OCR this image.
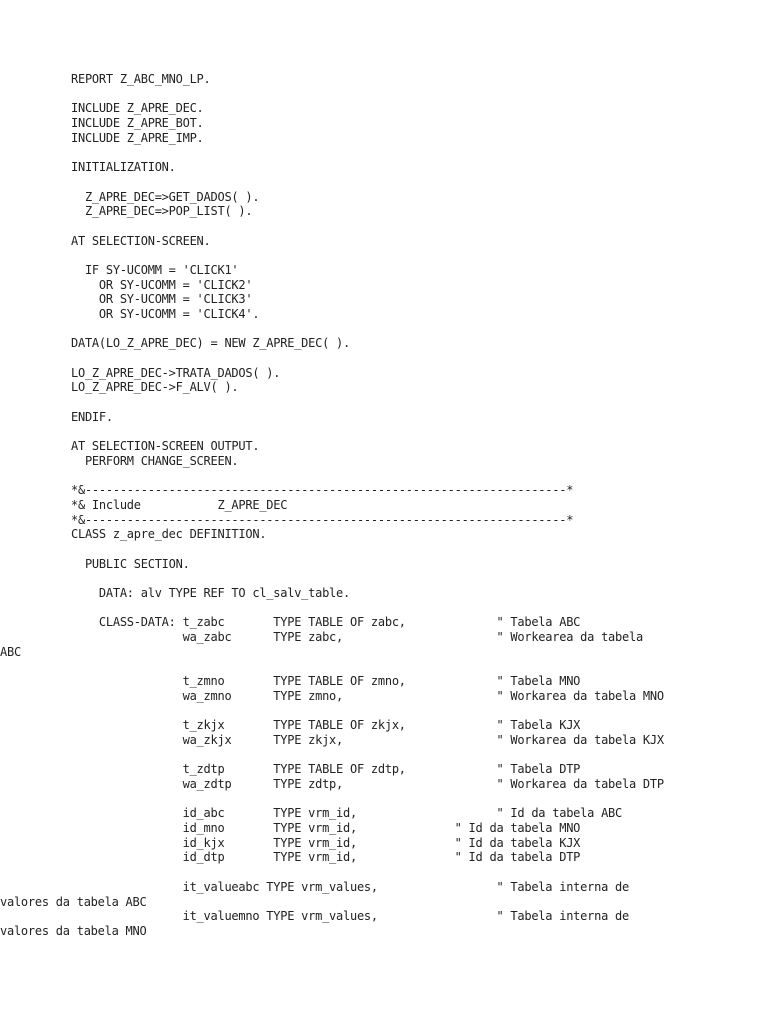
REPORT Z_ABC_MNO_LP.
INCLUDE Z_APRE_DEC.
INCLUDE Z_APRE_BOT.
INCLUDE Z_APRE_IMP.
INITIALIZATION.
Z_APRE_DEC=>GET_DADOS( ).
Z_APRE_DEC=>POP_LIST( ).
AT SELECTION-SCREEN.
IF SY-UCOMM = 'CLICK1'
OR SY-UCOMM = 'CLICK2'
OR SY-UCOMM = 'CLICK3'
OR SY-UCOMM = 'CLICK4'.
DATA(LO_Z_APRE_DEC) = NEW Z_APRE_DEC( ).
LO_Z_APRE_DEC->TRATA_DADOS( ).
LO_Z_APRE_DEC->F_ALV( ).
ENDIF.
AT SELECTION-SCREEN OUTPUT.
PERFORM CHANGE_SCREEN.
*&---------------------------------------------------------------------*
*& Include           Z_APRE_DEC
*&---------------------------------------------------------------------*
CLASS z_apre_dec DEFINITION.
PUBLIC SECTION.
DATA: alv TYPE REF TO cl_salv_table.
CLASS-DATA: t_zabc       TYPE TABLE OF zabc,             " Tabela ABC
wa_zabc      TYPE zabc,                      " Workearea da tabela
ABC
t_zmno       TYPE TABLE OF zmno,             " Tabela MNO
wa_zmno      TYPE zmno,                      " Workarea da tabela MNO
t_zkjx       TYPE TABLE OF zkjx,             " Tabela KJX
wa_zkjx      TYPE zkjx,                      " Workarea da tabela KJX
t_zdtp       TYPE TABLE OF zdtp,             " Tabela DTP
wa_zdtp      TYPE zdtp,                      " Workarea da tabela DTP
id_abc       TYPE vrm_id,                    " Id da tabela ABC
id_mno       TYPE vrm_id,              " Id da tabela MNO
id_kjx       TYPE vrm_id,              " Id da tabela KJX
id_dtp       TYPE vrm_id,              " Id da tabela DTP
it_valueabc TYPE vrm_values,                 " Tabela interna de
valores da tabela ABC
it_valuemno TYPE vrm_values,                 " Tabela interna de
valores da tabela MNO
